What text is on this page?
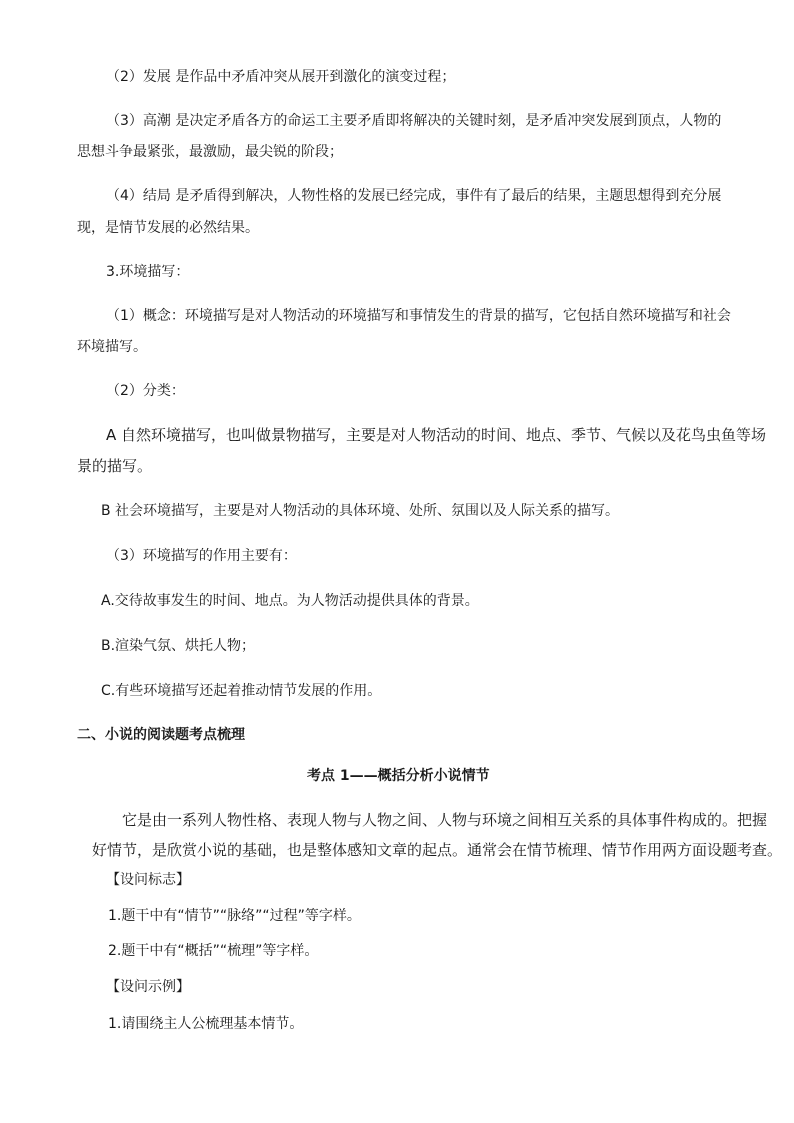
（2）发展 是作品中矛盾冲突从展开到激化的演变过程；
（3）高潮 是决定矛盾各方的命运工主要矛盾即将解决的关键时刻，是矛盾冲突发展到顶点，人物的
思想斗争最紧张，最激励，最尖锐的阶段；
（4）结局 是矛盾得到解决，人物性格的发展已经完成，事件有了最后的结果，主题思想得到充分展
现，是情节发展的必然结果。
3.环境描写：
（1）概念：环境描写是对人物活动的环境描写和事情发生的背景的描写，它包括自然环境描写和社会
环境描写。
（2）分类：
A 自然环境描写，也叫做景物描写，主要是对人物活动的时间、地点、季节、气候以及花鸟虫鱼等场
景的描写。
B 社会环境描写，主要是对人物活动的具体环境、处所、氛围以及人际关系的描写。
（3）环境描写的作用主要有：
A.交待故事发生的时间、地点。为人物活动提供具体的背景。
B.渲染气氛、烘托人物；
C.有些环境描写还起着推动情节发展的作用。
二、小说的阅读题考点梳理
考点 1——概括分析小说情节
它是由一系列人物性格、表现人物与人物之间、人物与环境之间相互关系的具体事件构成的。把握
好情节，是欣赏小说的基础，也是整体感知文章的起点。通常会在情节梳理、情节作用两方面设题考查。
【设问标志】
1.题干中有“情节”“脉络”“过程”等字样。
2.题干中有“概括”“梳理”等字样。
【设问示例】
1.请围绕主人公梳理基本情节。
